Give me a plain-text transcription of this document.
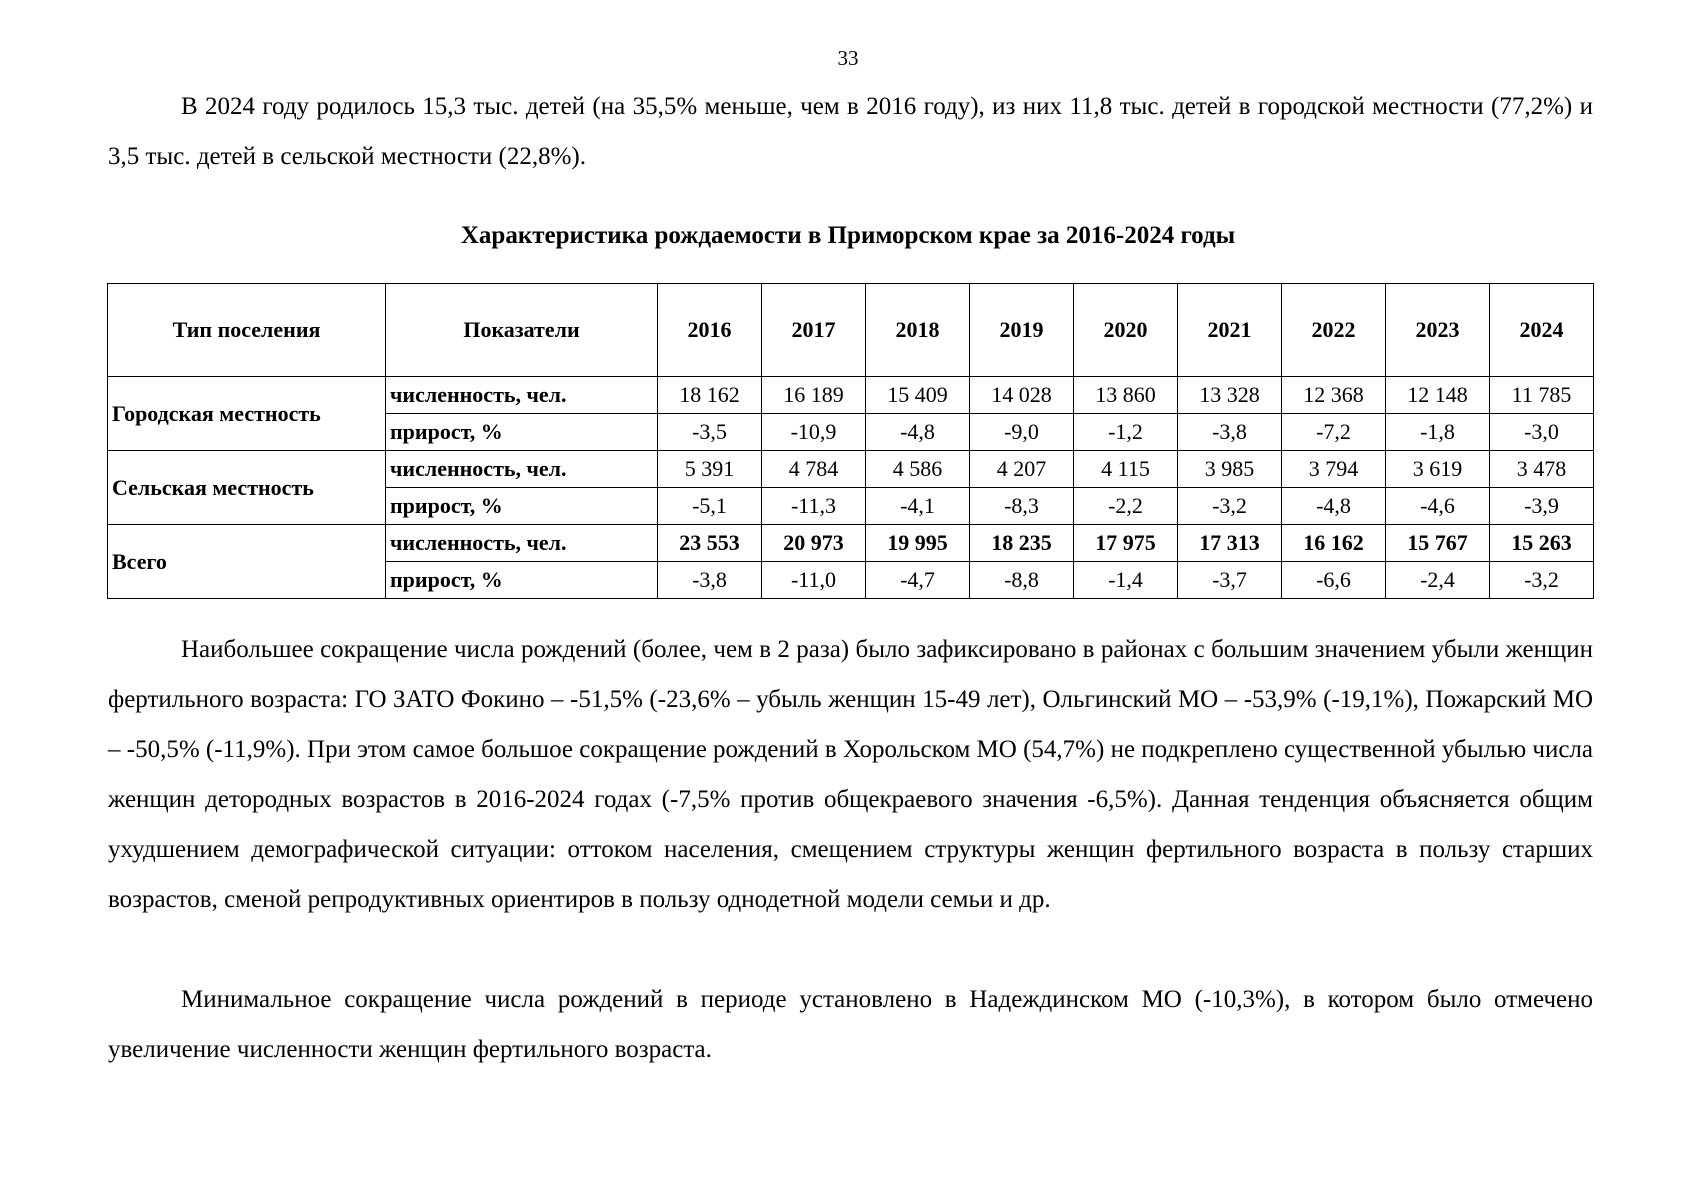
33

В 2024 году родилось 15,3 тыс. детей (на 35,5% меньше, чем в 2016 году), из них 11,8 тыс. детей в городской местности (77,2%) и 3,5 тыс. детей в сельской местности (22,8%).

Характеристика рождаемости в Приморском крае за 2016-2024 годы
Тип поселения	Показатели	2016	2017	2018	2019	2020	2021	2022	2023	2024
Городская местность	численность, чел.	18 162	16 189	15 409	14 028	13 860	13 328	12 368	12 148	11 785
	прирост, %	-3,5	-10,9	-4,8	-9,0	-1,2	-3,8	-7,2	-1,8	-3,0
Сельская местность	численность, чел.	5 391	4 784	4 586	4 207	4 115	3 985	3 794	3 619	3 478
	прирост, %	-5,1	-11,3	-4,1	-8,3	-2,2	-3,2	-4,8	-4,6	-3,9
Всего	численность, чел.	23 553	20 973	19 995	18 235	17 975	17 313	16 162	15 767	15 263
	прирост, %	-3,8	-11,0	-4,7	-8,8	-1,4	-3,7	-6,6	-2,4	-3,2

Наибольшее сокращение числа рождений (более, чем в 2 раза) было зафиксировано в районах с большим значением убыли женщин фертильного возраста: ГО ЗАТО Фокино – -51,5% (-23,6% – убыль женщин 15-49 лет), Ольгинский МО – -53,9% (-19,1%), Пожарский МО – -50,5% (-11,9%). При этом самое большое сокращение рождений в Хорольском МО (54,7%) не подкреплено существенной убылью числа женщин детородных возрастов в 2016-2024 годах (-7,5% против общекраевого значения -6,5%). Данная тенденция объясняется общим ухудшением демографической ситуации: оттоком населения, смещением структуры женщин фертильного возраста в пользу старших возрастов, сменой репродуктивных ориентиров в пользу однодетной модели семьи и др.

Минимальное сокращение числа рождений в периоде установлено в Надеждинском МО (-10,3%), в котором было отмечено увеличение численности женщин фертильного возраста.
